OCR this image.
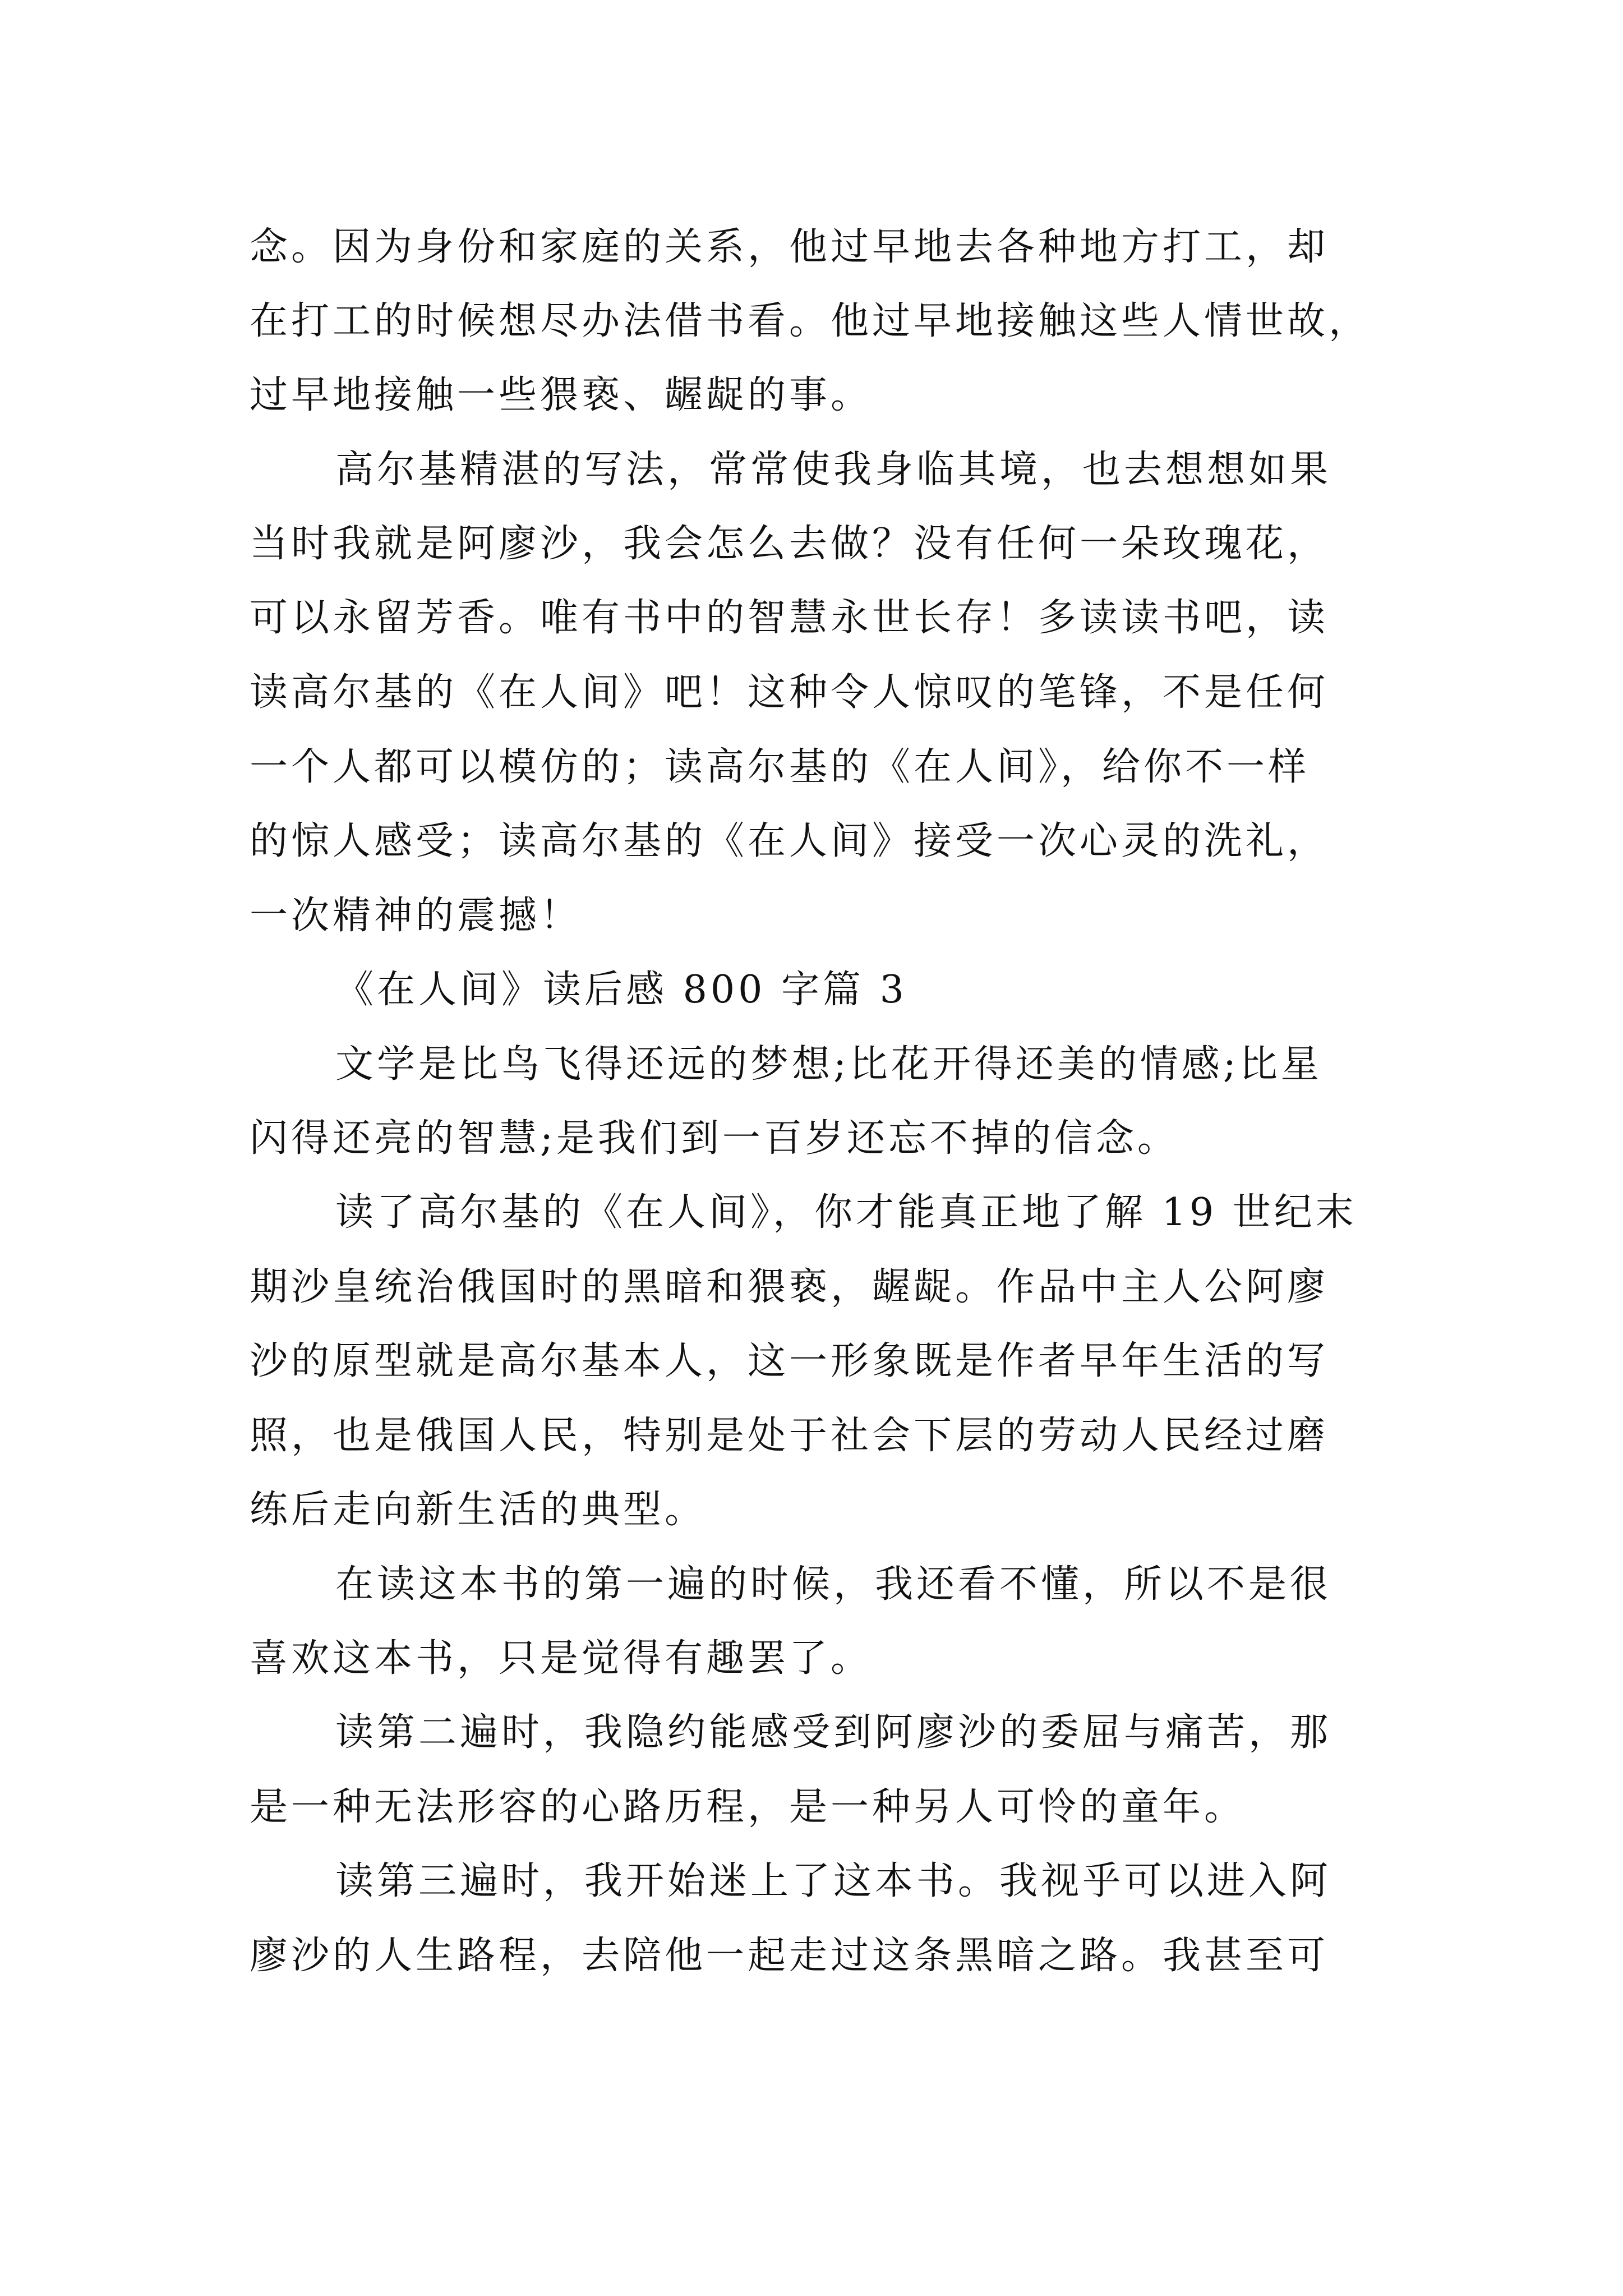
念。因为身份和家庭的关系，他过早地去各种地方打工，却
在打工的时候想尽办法借书看。他过早地接触这些人情世故，
过早地接触一些猥亵、龌龊的事。
高尔基精湛的写法，常常使我身临其境，也去想想如果
当时我就是阿廖沙，我会怎么去做？没有任何一朵玫瑰花，
可以永留芳香。唯有书中的智慧永世长存！多读读书吧，读
读高尔基的《在人间》吧！这种令人惊叹的笔锋，不是任何
一个人都可以模仿的；读高尔基的《在人间》，给你不一样
的惊人感受；读高尔基的《在人间》接受一次心灵的洗礼，
一次精神的震撼！
《在人间》读后感 800 字篇 3
文学是比鸟飞得还远的梦想;比花开得还美的情感;比星
闪得还亮的智慧;是我们到一百岁还忘不掉的信念。
读了高尔基的《在人间》，你才能真正地了解 19 世纪末
期沙皇统治俄国时的黑暗和猥亵，龌龊。作品中主人公阿廖
沙的原型就是高尔基本人，这一形象既是作者早年生活的写
照，也是俄国人民，特别是处于社会下层的劳动人民经过磨
练后走向新生活的典型。
在读这本书的第一遍的时候，我还看不懂，所以不是很
喜欢这本书，只是觉得有趣罢了。
读第二遍时，我隐约能感受到阿廖沙的委屈与痛苦，那
是一种无法形容的心路历程，是一种另人可怜的童年。
读第三遍时，我开始迷上了这本书。我视乎可以进入阿
廖沙的人生路程，去陪他一起走过这条黑暗之路。我甚至可
